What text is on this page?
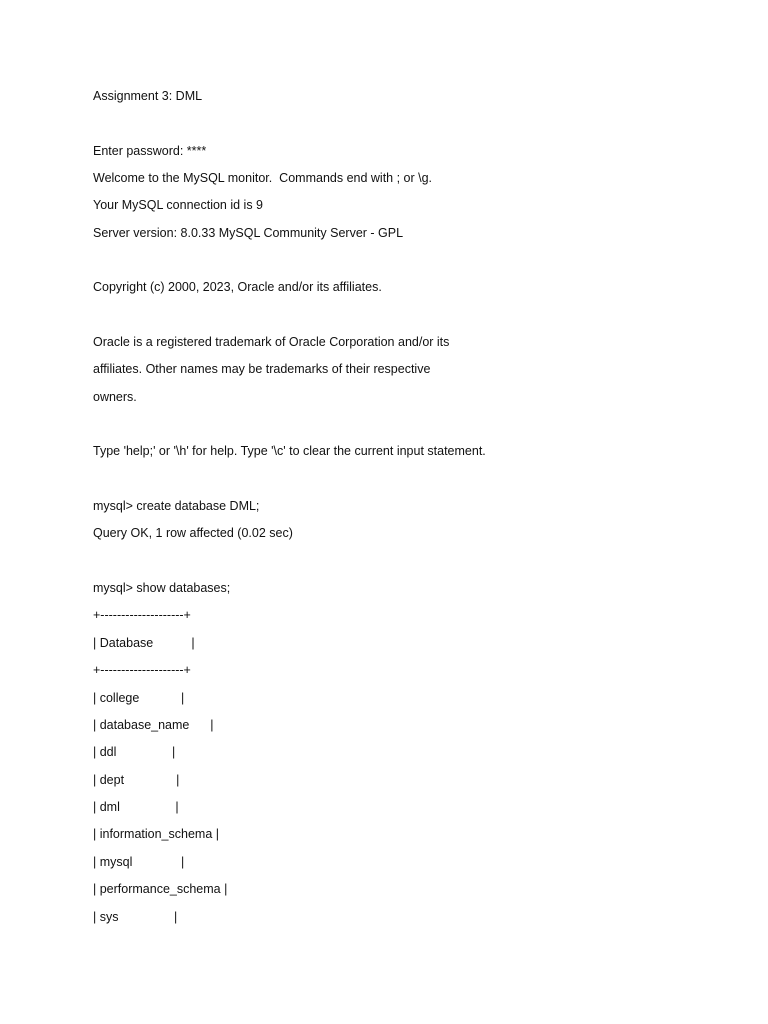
Assignment 3: DML

Enter password: ****

Welcome to the MySQL monitor.  Commands end with ; or \g.

Your MySQL connection id is 9

Server version: 8.0.33 MySQL Community Server - GPL

Copyright (c) 2000, 2023, Oracle and/or its affiliates.

Oracle is a registered trademark of Oracle Corporation and/or its

affiliates. Other names may be trademarks of their respective

owners.

Type 'help;' or '\h' for help. Type '\c' to clear the current input statement.

mysql> create database DML;

Query OK, 1 row affected (0.02 sec)

mysql> show databases;

+--------------------+

| Database           |

+--------------------+

| college            |

| database_name      |

| ddl                |

| dept               |

| dml                |

| information_schema |

| mysql              |

| performance_schema |

| sys                |
